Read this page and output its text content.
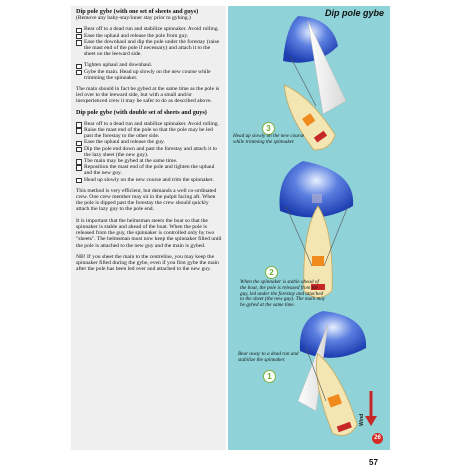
Dip pole gybe (with one set of sheets and guys)
(Remove any baby-stay/inner stay prior to gybing.)
Bear off to a dead run and stabilize spinnaker. Avoid rolling.
Ease the uphaul and release the pole from guy.
Ease the downhaul and dip the pole under the forestay (raise the mast end of the pole if necessary) and attach it to the sheet on the leeward side.
Tighten uphaul and downhaul.
Gybe the main. Head up slowly on the new course while trimming the spinnaker.
The main should in fact be gybed at the same time as the pole is led over to the leeward side, but with a small and/or inexperienced crew it may be safer to do as described above.
Dip pole gybe (with double set of sheets and guys)
Bear off to a dead run and stabilize spinnaker. Avoid rolling.
Raise the mast end of the pole so that the pole may be led past the forestay to the other side.
Ease the uphaul and release the guy.
Dip the pole end down and past the forestay and attach it to the lazy sheet (the new guy).
The main may be gybed at the same time.
Reposition the mast end of the pole and tighten the uphaul and the new guy.
Head up slowly on the new course and trim the spinnaker.
This method is very efficient, but demands a well co-ordinated crew. One crew member may sit in the pulpit facing aft. When the pole is dipped past the forestay the crew should quickly attach the lazy guy to the pole end.
It is important that the helmsman steers the boat so that the spinnaker is stable and ahead of the boat. When the pole is released from the guy, the spinnaker is controlled only by two "sheets". The helmsman must now keep the spinnaker filled until the pole is attached to the new guy and the main is gybed.
NB! If you sheet the main to the centreline, you may keep the spinnaker filled during the gybe, even if you first gybe the main after the pole has been led over and attached to the new guy.
Dip pole gybe
3
Head up slowly on the new course while trimming the spinnaker.
2
When the spinnaker is stable ahead of the boat, the pole is released from the guy, led under the forestay and attached to the sheet (the new guy). The main may be gybed at the same time.
Bear away to a dead run and stabilize the spinnaker.
1
Wind
26
57
